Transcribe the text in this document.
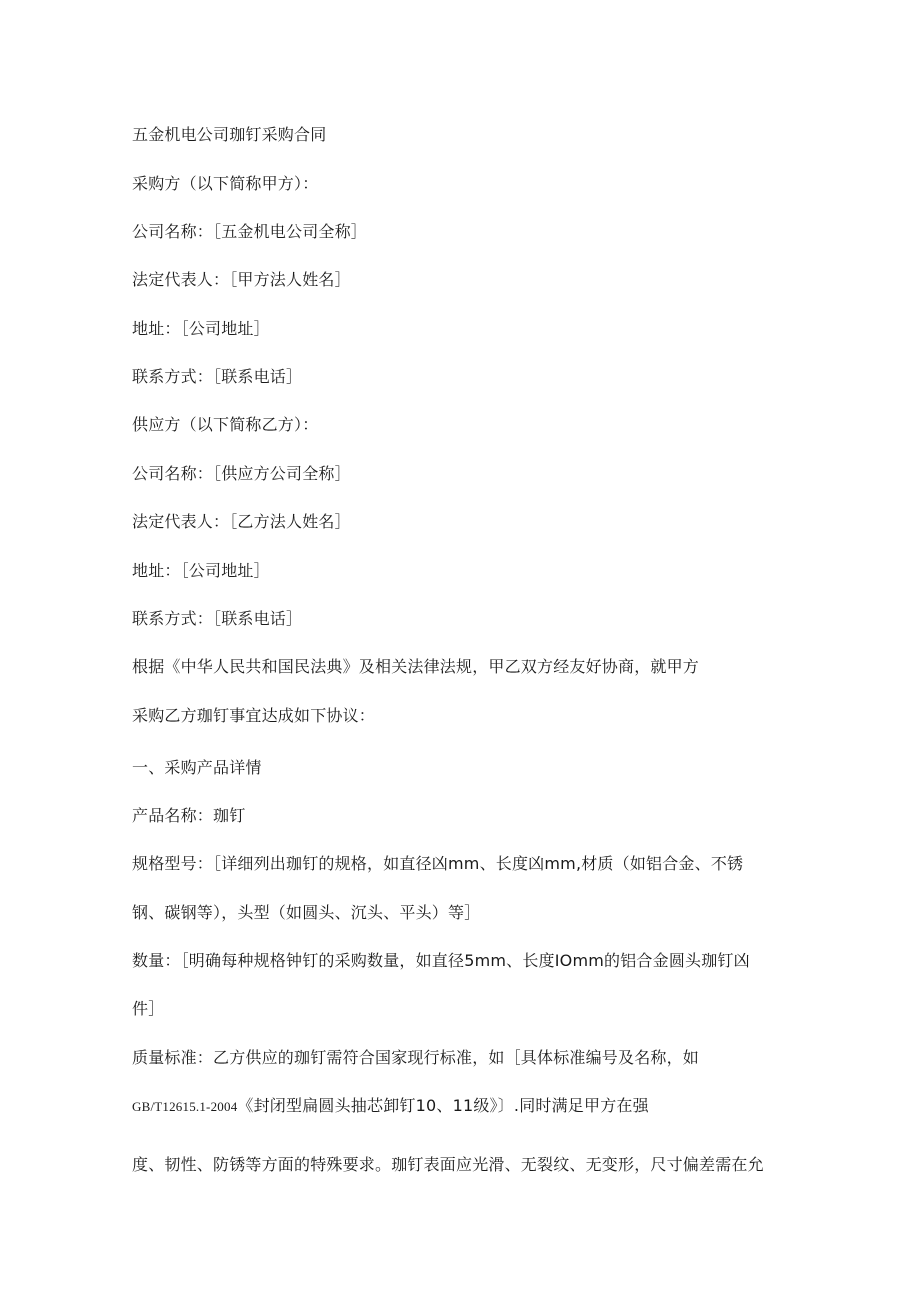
五金机电公司珈钉采购合同
采购方（以下简称甲方）：
公司名称：［五金机电公司全称］
法定代表人：［甲方法人姓名］
地址：［公司地址］
联系方式：［联系电话］
供应方（以下简称乙方）：
公司名称：［供应方公司全称］
法定代表人：［乙方法人姓名］
地址：［公司地址］
联系方式：［联系电话］
根据《中华人民共和国民法典》及相关法律法规，甲乙双方经友好协商，就甲方
采购乙方珈钉事宜达成如下协议：
一、采购产品详情
产品名称：珈钉
规格型号：［详细列出珈钉的规格，如直径凶mm、长度凶mm,材质（如铝合金、不锈
钢、碳钢等），头型（如圆头、沉头、平头）等］
数量：［明确每种规格钟钉的采购数量，如直径5mm、长度IOmm的铝合金圆头珈钉凶
件］
质量标准：乙方供应的珈钉需符合国家现行标准，如［具体标准编号及名称，如
GB/T12615.1-2004《封闭型扁圆头抽芯卸钉10、11级》〕.同时满足甲方在强
度、韧性、防锈等方面的特殊要求。珈钉表面应光滑、无裂纹、无变形，尺寸偏差需在允
